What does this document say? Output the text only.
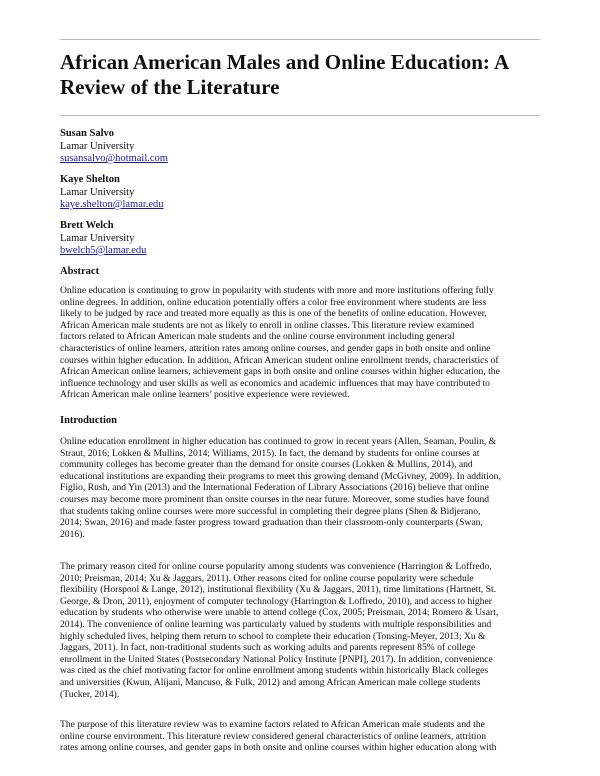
African American Males and Online Education: A Review of the Literature
Susan Salvo
Lamar University
susansalvo@hotmail.com
Kaye Shelton
Lamar University
kaye.shelton@lamar.edu
Brett Welch
Lamar University
bwelch5@lamar.edu
Abstract

Online education is continuing to grow in popularity with students with more and more institutions offering fully
online degrees. In addition, online education potentially offers a color free environment where students are less
likely to be judged by race and treated more equally as this is one of the benefits of online education. However,
African American male students are not as likely to enroll in online classes. This literature review examined
factors related to African American male students and the online course environment including general
characteristics of online learners, attrition rates among online courses, and gender gaps in both onsite and online
courses within higher education. In addition, African American student online enrollment trends, characteristics of
African American online learners, achievement gaps in both onsite and online courses within higher education, the
influence technology and user skills as well as economics and academic influences that may have contributed to
African American male online learners’ positive experience were reviewed.

Introduction

Online education enrollment in higher education has continued to grow in recent years (Allen, Seaman, Poulin, &
Straut, 2016; Lokken & Mullins, 2014; Williams, 2015). In fact, the demand by students for online courses at
community colleges has become greater than the demand for onsite courses (Lokken & Mullins, 2014), and
educational institutions are expanding their programs to meet this growing demand (McGivney, 2009). In addition,
Figlio, Rush, and Yin (2013) and the International Federation of Library Associations (2016) believe that online
courses may become more prominent than onsite courses in the near future. Moreover, some studies have found
that students taking online courses were more successful in completing their degree plans (Shen & Bidjerano,
2014; Swan, 2016) and made faster progress toward graduation than their classroom-only counterparts (Swan,
2016).

The primary reason cited for online course popularity among students was convenience (Harrington & Loffredo,
2010; Preisman, 2014; Xu & Jaggars, 2011). Other reasons cited for online course popularity were schedule
flexibility (Horspool & Lange, 2012), institutional flexibility (Xu & Jaggars, 2011), time limitations (Hartnett, St.
George, & Dron, 2011), enjoyment of computer technology (Harrington & Loffredo, 2010), and access to higher
education by students who otherwise were unable to attend college (Cox, 2005; Preisman, 2014; Romero & Usart,
2014). The convenience of online learning was particularly valued by students with multiple responsibilities and
highly scheduled lives, helping them return to school to complete their education (Tonsing-Meyer, 2013; Xu &
Jaggars, 2011). In fact, non-traditional students such as working adults and parents represent 85% of college
enrollment in the United States (Postsecondary National Policy Institute [PNPI], 2017). In addition, convenience
was cited as the chief motivating factor for online enrollment among students within historically Black colleges
and universities (Kwun, Alijani, Mancuso, & Fulk, 2012) and among African American male college students
(Tucker, 2014).

The purpose of this literature review was to examine factors related to African American male students and the
online course environment. This literature review considered general characteristics of online learners, attrition
rates among online courses, and gender gaps in both onsite and online courses within higher education along with
